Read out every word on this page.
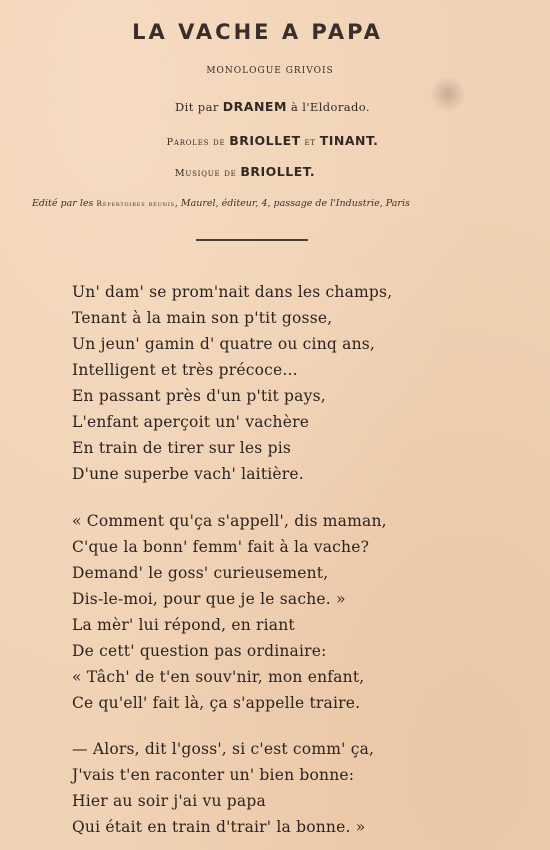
LA VACHE A PAPA
MONOLOGUE GRIVOIS
Dit par DRANEM à l'Eldorado.
Paroles de BRIOLLET et TINANT.
Musique de BRIOLLET.
Edité par les Répertoires réunis, Maurel, éditeur, 4, passage de l'Industrie, Paris
Un' dam' se prom'nait dans les champs,
Tenant à la main son p'tit gosse,
Un jeun' gamin d' quatre ou cinq ans,
Intelligent et très précoce...
En passant près d'un p'tit pays,
L'enfant aperçoit un' vachère
En train de tirer sur les pis
D'une superbe vach' laitière.
« Comment qu'ça s'appell', dis maman,
C'que la bonn' femm' fait à la vache?
Demand' le goss' curieusement,
Dis-le-moi, pour que je le sache. »
La mèr' lui répond, en riant
De cett' question pas ordinaire:
« Tâch' de t'en souv'nir, mon enfant,
Ce qu'ell' fait là, ça s'appelle traire.
— Alors, dit l'goss', si c'est comm' ça,
J'vais t'en raconter un' bien bonne:
Hier au soir j'ai vu papa
Qui était en train d'trair' la bonne. »
